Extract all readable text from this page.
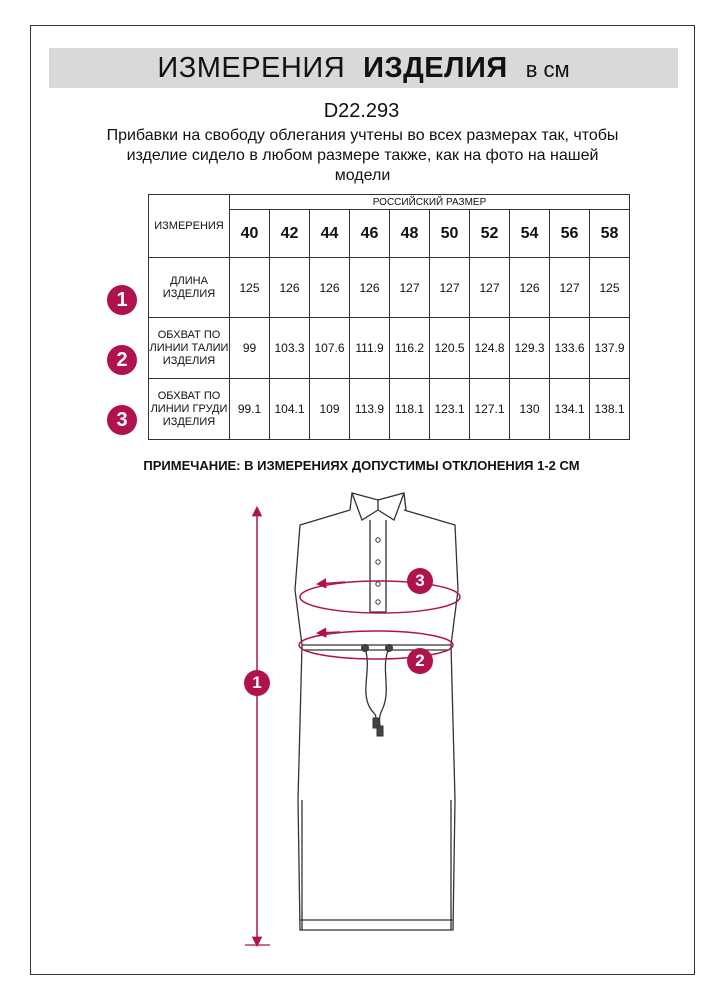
ИЗМЕРЕНИЯ ИЗДЕЛИЯ в см
D22.293
Прибавки на свободу облегания учтены во всех размерах так, чтобы изделие сидело в любом размере также, как на фото на нашей модели
ИЗМЕРЕНИЯ	РОССИЙСКИЙ РАЗМЕР									
	40	42	44	46	48	50	52	54	56	58
ДЛИНА ИЗДЕЛИЯ	125	126	126	126	127	127	127	126	127	125
ОБХВАТ ПО ЛИНИИ ТАЛИИ ИЗДЕЛИЯ	99	103.3	107.6	111.9	116.2	120.5	124.8	129.3	133.6	137.9
ОБХВАТ ПО ЛИНИИ ГРУДИ ИЗДЕЛИЯ	99.1	104.1	109	113.9	118.1	123.1	127.1	130	134.1	138.1
1
2
3
ПРИМЕЧАНИЕ: В ИЗМЕРЕНИЯХ ДОПУСТИМЫ ОТКЛОНЕНИЯ 1-2 СМ
3
2
1
